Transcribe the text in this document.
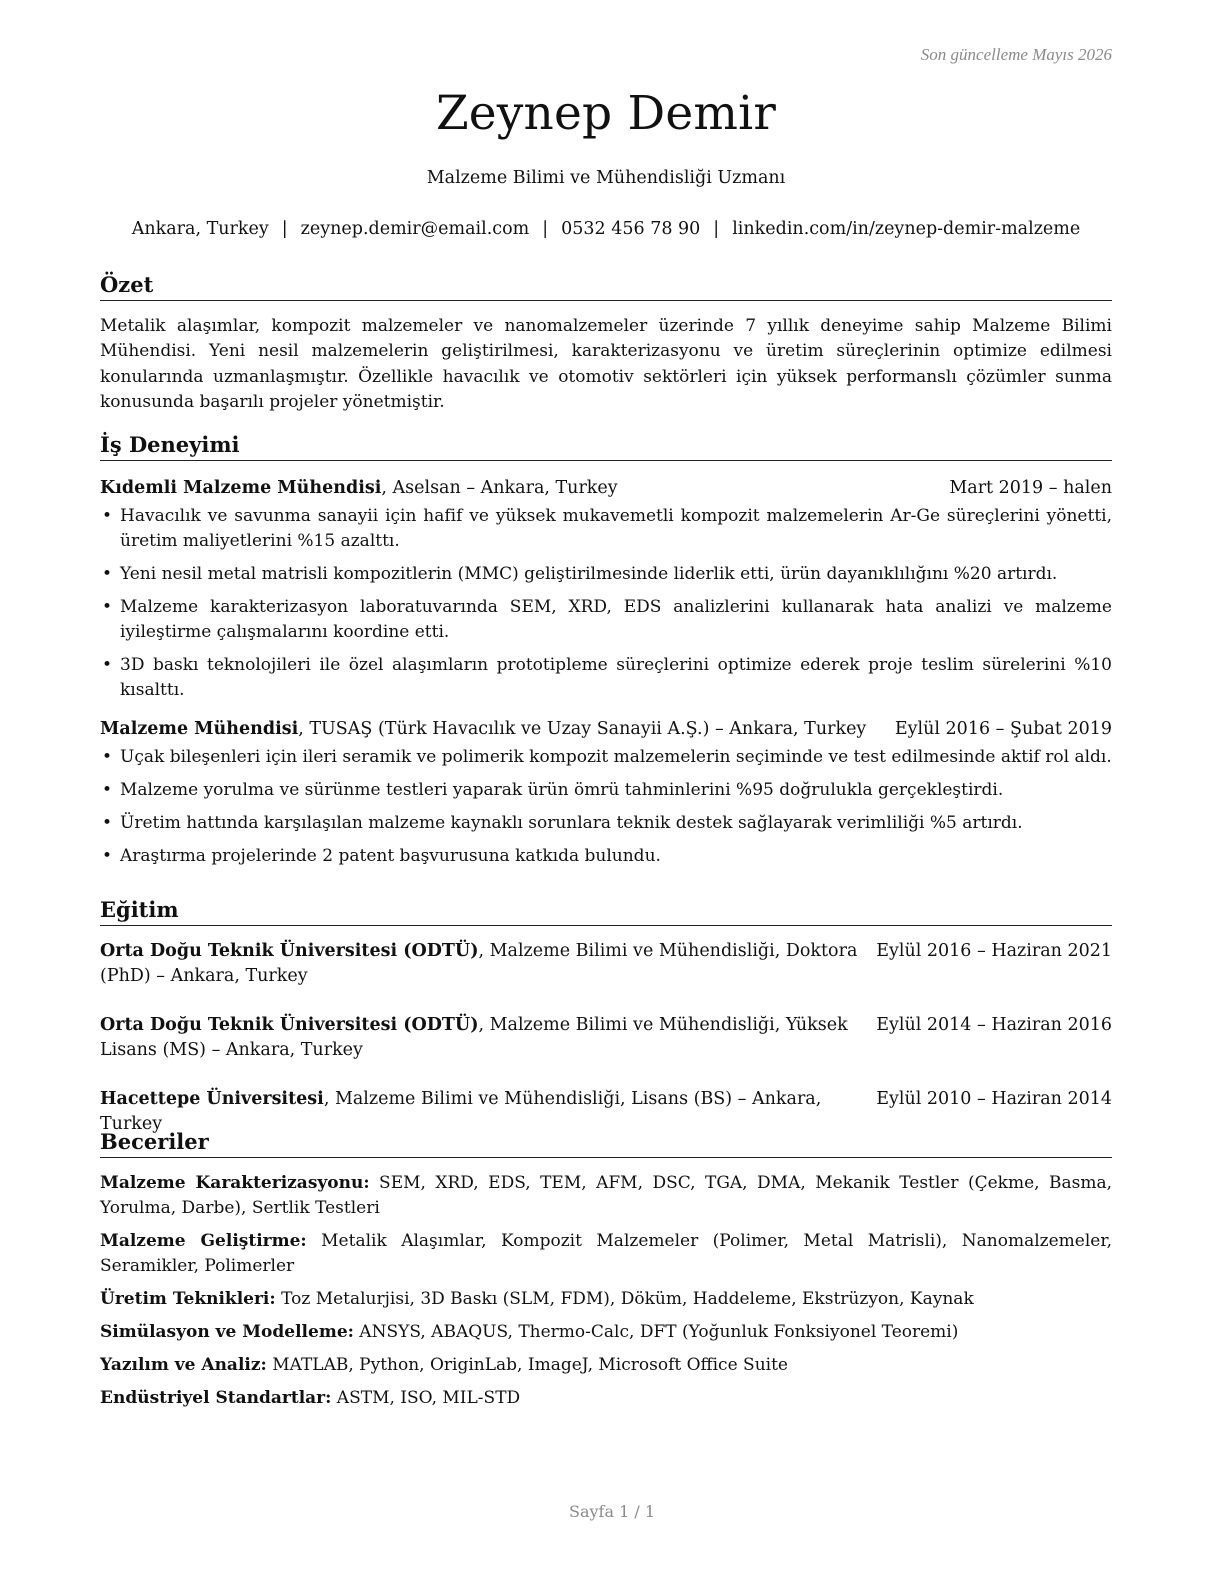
Son güncelleme Mayıs 2026
Zeynep Demir
Malzeme Bilimi ve Mühendisliği Uzmanı
Ankara, Turkey | zeynep.demir@email.com | 0532 456 78 90 | linkedin.com/in/zeynep-demir-malzeme
Özet
Metalik alaşımlar, kompozit malzemeler ve nanomalzemeler üzerinde 7 yıllık deneyime sahip Malzeme Bilimi Mühendisi. Yeni nesil malzemelerin geliştirilmesi, karakterizasyonu ve üretim süreçlerinin optimize edilmesi konularında uzmanlaşmıştır. Özellikle havacılık ve otomotiv sektörleri için yüksek performanslı çözümler sunma konusunda başarılı projeler yönetmiştir.
İş Deneyimi
Kıdemli Malzeme Mühendisi, Aselsan – Ankara, Turkey	Mart 2019 – halen
• Havacılık ve savunma sanayii için hafif ve yüksek mukavemetli kompozit malzemelerin Ar-Ge süreçlerini yönetti, üretim maliyetlerini %15 azalttı.
• Yeni nesil metal matrisli kompozitlerin (MMC) geliştirilmesinde liderlik etti, ürün dayanıklılığını %20 artırdı.
• Malzeme karakterizasyon laboratuvarında SEM, XRD, EDS analizlerini kullanarak hata analizi ve malzeme iyileştirme çalışmalarını koordine etti.
• 3D baskı teknolojileri ile özel alaşımların prototipleme süreçlerini optimize ederek proje teslim sürelerini %10 kısalttı.
Malzeme Mühendisi, TUSAŞ (Türk Havacılık ve Uzay Sanayii A.Ş.) – Ankara, Turkey Eylül 2016 – Şubat 2019
• Uçak bileşenleri için ileri seramik ve polimerik kompozit malzemelerin seçiminde ve test edilmesinde aktif rol aldı.
• Malzeme yorulma ve sürünme testleri yaparak ürün ömrü tahminlerini %95 doğrulukla gerçekleştirdi.
• Üretim hattında karşılaşılan malzeme kaynaklı sorunlara teknik destek sağlayarak verimliliği %5 artırdı.
• Araştırma projelerinde 2 patent başvurusuna katkıda bulundu.
Eğitim
Orta Doğu Teknik Üniversitesi (ODTÜ), Malzeme Bilimi ve Mühendisliği, Doktora (PhD) – Ankara, Turkey
Eylül 2016 – Haziran 2021
Orta Doğu Teknik Üniversitesi (ODTÜ), Malzeme Bilimi ve Mühendisliği, Yüksek Lisans (MS) – Ankara, Turkey
Eylül 2014 – Haziran 2016
Hacettepe Üniversitesi, Malzeme Bilimi ve Mühendisliği, Lisans (BS) – Ankara, Turkey
Eylül 2010 – Haziran 2014
Beceriler
Malzeme Karakterizasyonu: SEM, XRD, EDS, TEM, AFM, DSC, TGA, DMA, Mekanik Testler (Çekme, Basma, Yorulma, Darbe), Sertlik Testleri
Malzeme Geliştirme: Metalik Alaşımlar, Kompozit Malzemeler (Polimer, Metal Matrisli), Nanomalzemeler, Seramikler, Polimerler
Üretim Teknikleri: Toz Metalurjisi, 3D Baskı (SLM, FDM), Döküm, Haddeleme, Ekstrüzyon, Kaynak
Simülasyon ve Modelleme: ANSYS, ABAQUS, Thermo-Calc, DFT (Yoğunluk Fonksiyonel Teoremi)
Yazılım ve Analiz: MATLAB, Python, OriginLab, ImageJ, Microsoft Office Suite
Endüstriyel Standartlar: ASTM, ISO, MIL-STD
Sayfa 1 / 1
